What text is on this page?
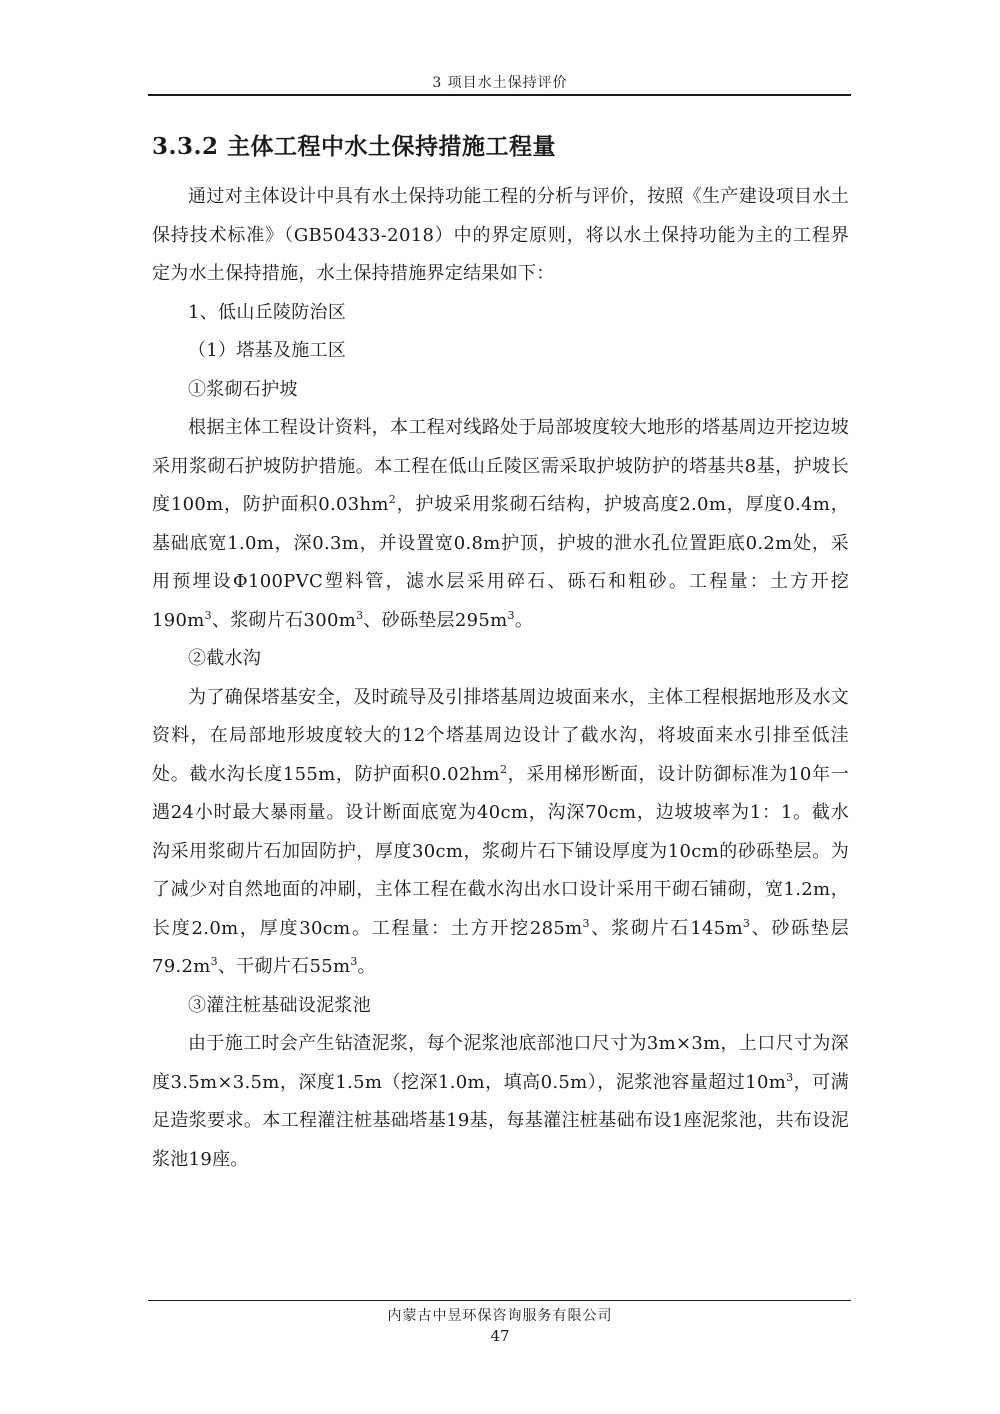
3 项目水土保持评价
3.3.2 主体工程中水土保持措施工程量

通过对主体设计中具有水土保持功能工程的分析与评价，按照《生产建设项目水土保持技术标准》（GB50433-2018）中的界定原则，将以水土保持功能为主的工程界定为水土保持措施，水土保持措施界定结果如下：

1、低山丘陵防治区

（1）塔基及施工区

①浆砌石护坡

根据主体工程设计资料，本工程对线路处于局部坡度较大地形的塔基周边开挖边坡采用浆砌石护坡防护措施。本工程在低山丘陵区需采取护坡防护的塔基共8基，护坡长度100m，防护面积$0.03hm^2$，护坡采用浆砌石结构，护坡高度2.0m，厚度0.4m，基础底宽1.0m，深0.3m，并设置宽0.8m护顶，护坡的泄水孔位置距底0.2m处，采用预埋设Φ100PVC塑料管，滤水层采用碎石、砾石和粗砂。工程量：土方开挖$190m^3$、浆砌片石$300m^3$、砂砾垫层$295m^3$。

②截水沟

为了确保塔基安全，及时疏导及引排塔基周边坡面来水，主体工程根据地形及水文资料，在局部地形坡度较大的12个塔基周边设计了截水沟，将坡面来水引排至低洼处。截水沟长度155m，防护面积$0.02hm^2$，采用梯形断面，设计防御标准为10年一遇24小时最大暴雨量。设计断面底宽为40cm，沟深70cm，边坡坡率为1：1。截水沟采用浆砌片石加固防护，厚度30cm，浆砌片石下铺设厚度为10cm的砂砾垫层。为了减少对自然地面的冲刷，主体工程在截水沟出水口设计采用干砌石铺砌，宽1.2m，长度2.0m，厚度30cm。工程量：土方开挖$285m^3$、浆砌片石$145m^3$、砂砾垫层$79.2m^3$、干砌片石$55m^3$。

③灌注桩基础设泥浆池

由于施工时会产生钻渣泥浆，每个泥浆池底部池口尺寸为3m×3m，上口尺寸为深度3.5m×3.5m，深度1.5m（挖深1.0m，填高0.5m），泥浆池容量超过$10m^3$，可满足造浆要求。本工程灌注桩基础塔基19基，每基灌注桩基础布设1座泥浆池，共布设泥浆池19座。

内蒙古中昱环保咨询服务有限公司
47
